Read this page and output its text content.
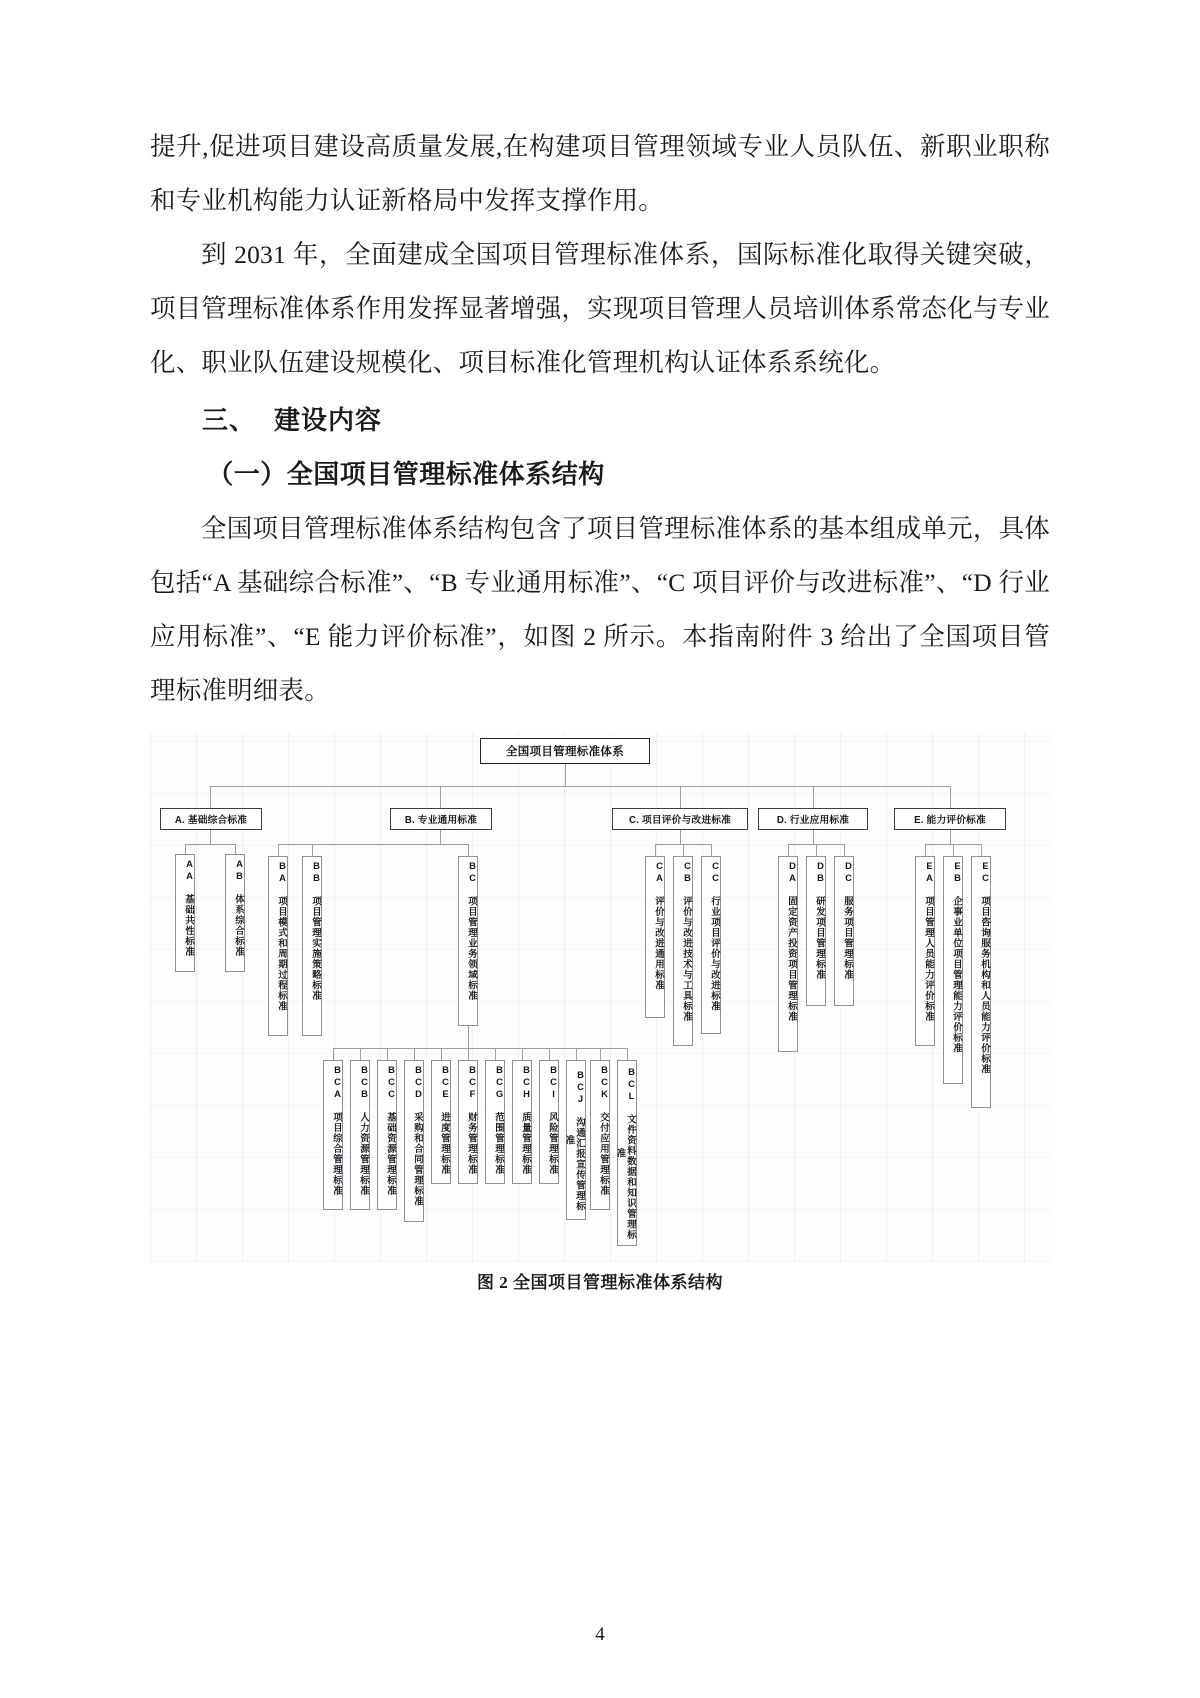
提升,促进项目建设高质量发展,在构建项目管理领域专业人员队伍、新职业职称和专业机构能力认证新格局中发挥支撑作用。

到 2031 年，全面建成全国项目管理标准体系，国际标准化取得关键突破，项目管理标准体系作用发挥显著增强，实现项目管理人员培训体系常态化与专业化、职业队伍建设规模化、项目标准化管理机构认证体系系统化。

三、 建设内容
（一）全国项目管理标准体系结构

全国项目管理标准体系结构包含了项目管理标准体系的基本组成单元，具体包括“A 基础综合标准”、“B 专业通用标准”、“C 项目评价与改进标准”、“D 行业应用标准”、“E 能力评价标准”，如图 2 所示。本指南附件 3 给出了全国项目管理标准明细表。

全国项目管理标准体系
A. 基础综合标准	B. 专业通用标准	C. 项目评价与改进标准	D. 行业应用标准	E. 能力评价标准
AA 基础共性标准	AB 体系综合标准	BA 项目模式和周期过程标准	BB 项目管理实施策略标准	BC 项目管理业务领域标准
BCA 项目综合管理标准	BCB 人力资源管理标准	BCC 基础资源管理标准	BCD 采购和合同管理标准	BCE 进度管理标准	BCF 财务管理标准	BCG 范围管理标准	BCH 质量管理标准	BCI 风险管理标准	BCJ 沟通汇报宣传管理标准	BCK 交付应用管理标准	BCL 文件资料数据和知识管理标准
CA 评价与改进通用标准	CB 评价与改进技术与工具标准	CC 行业项目评价与改进标准	DA 固定资产投资项目管理标准	DB 研发项目管理标准	DC 服务项目管理标准	EA 项目管理人员能力评价标准	EB 企事业单位项目管理能力评价标准	EC 项目咨询服务机构和人员能力评价标准
图 2 全国项目管理标准体系结构
4
